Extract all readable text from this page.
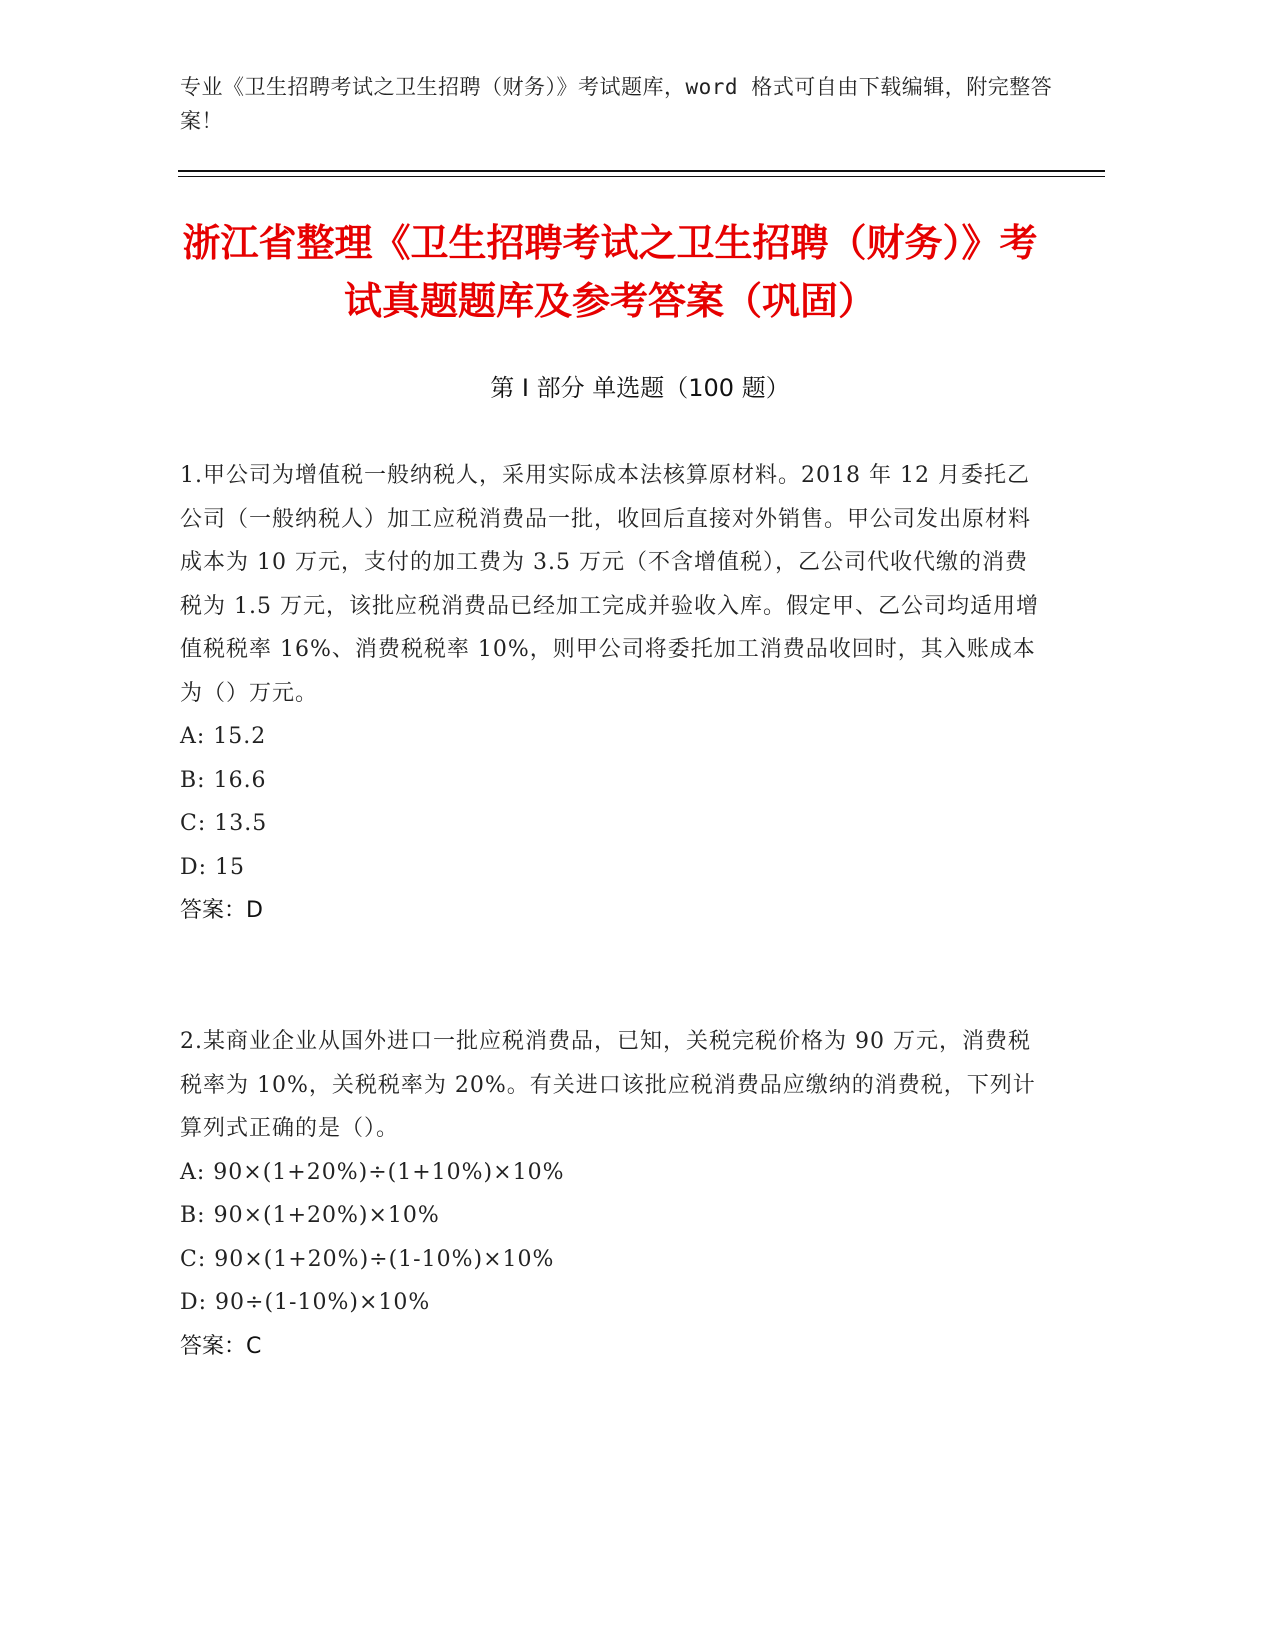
专业《卫生招聘考试之卫生招聘（财务）》考试题库，word 格式可自由下载编辑，附完整答案！
浙江省整理《卫生招聘考试之卫生招聘（财务）》考试真题题库及参考答案（巩固）
第 I 部分 单选题（100 题）

1.甲公司为增值税一般纳税人，采用实际成本法核算原材料。2018 年 12 月委托乙公司（一般纳税人）加工应税消费品一批，收回后直接对外销售。甲公司发出原材料成本为 10 万元，支付的加工费为 3.5 万元（不含增值税），乙公司代收代缴的消费税为 1.5 万元，该批应税消费品已经加工完成并验收入库。假定甲、乙公司均适用增值税税率 16%、消费税税率 10%，则甲公司将委托加工消费品收回时，其入账成本为（）万元。

A: 15.2

B: 16.6

C: 13.5

D: 15

答案：D

2.某商业企业从国外进口一批应税消费品，已知，关税完税价格为 90 万元，消费税税率为 10%，关税税率为 20%。有关进口该批应税消费品应缴纳的消费税，下列计算列式正确的是（）。

A: 90×(1+20%)÷(1+10%)×10%

B: 90×(1+20%)×10%

C: 90×(1+20%)÷(1-10%)×10%

D: 90÷(1-10%)×10%

答案：C
